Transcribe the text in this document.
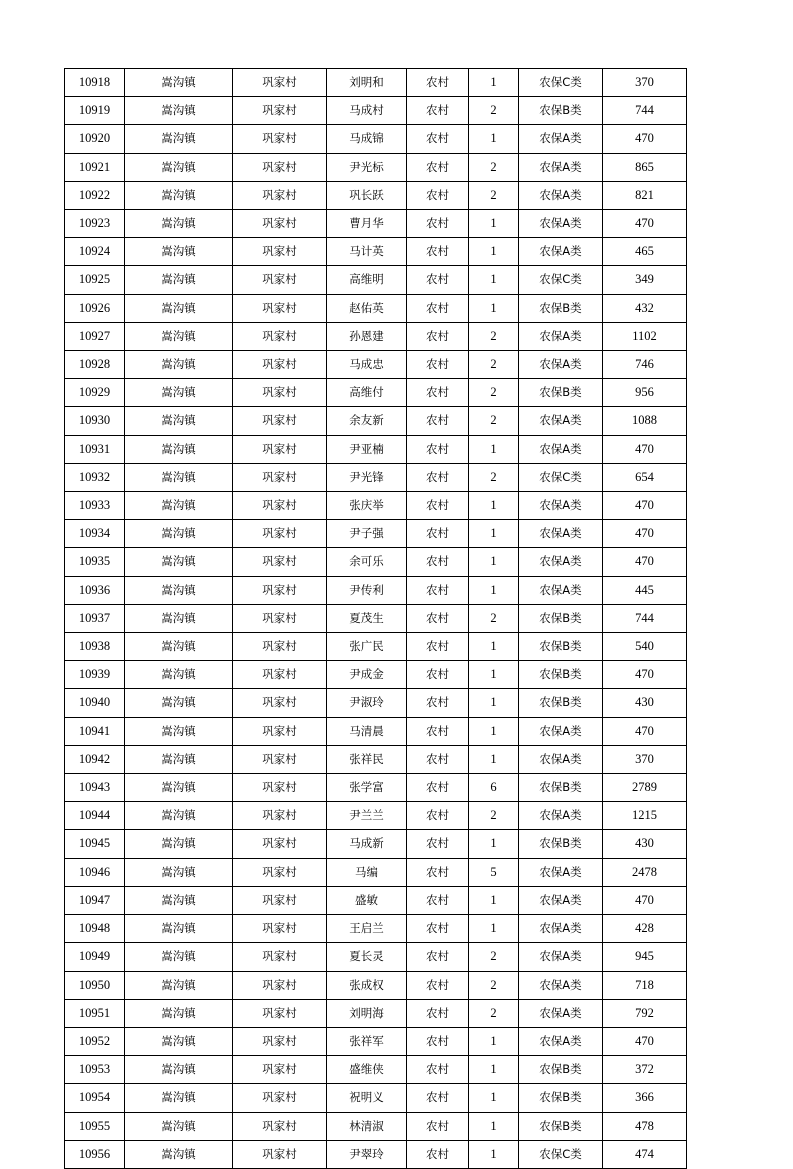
10918	嵩沟镇	巩家村	刘明和	农村	1	农保C类	370
10919	嵩沟镇	巩家村	马成村	农村	2	农保B类	744
10920	嵩沟镇	巩家村	马成锦	农村	1	农保A类	470
10921	嵩沟镇	巩家村	尹光标	农村	2	农保A类	865
10922	嵩沟镇	巩家村	巩长跃	农村	2	农保A类	821
10923	嵩沟镇	巩家村	曹月华	农村	1	农保A类	470
10924	嵩沟镇	巩家村	马计英	农村	1	农保A类	465
10925	嵩沟镇	巩家村	高维明	农村	1	农保C类	349
10926	嵩沟镇	巩家村	赵佑英	农村	1	农保B类	432
10927	嵩沟镇	巩家村	孙恩建	农村	2	农保A类	1102
10928	嵩沟镇	巩家村	马成忠	农村	2	农保A类	746
10929	嵩沟镇	巩家村	高维付	农村	2	农保B类	956
10930	嵩沟镇	巩家村	余友新	农村	2	农保A类	1088
10931	嵩沟镇	巩家村	尹亚楠	农村	1	农保A类	470
10932	嵩沟镇	巩家村	尹光锋	农村	2	农保C类	654
10933	嵩沟镇	巩家村	张庆举	农村	1	农保A类	470
10934	嵩沟镇	巩家村	尹子强	农村	1	农保A类	470
10935	嵩沟镇	巩家村	余可乐	农村	1	农保A类	470
10936	嵩沟镇	巩家村	尹传利	农村	1	农保A类	445
10937	嵩沟镇	巩家村	夏茂生	农村	2	农保B类	744
10938	嵩沟镇	巩家村	张广民	农村	1	农保B类	540
10939	嵩沟镇	巩家村	尹成金	农村	1	农保B类	470
10940	嵩沟镇	巩家村	尹淑玲	农村	1	农保B类	430
10941	嵩沟镇	巩家村	马清晨	农村	1	农保A类	470
10942	嵩沟镇	巩家村	张祥民	农村	1	农保A类	370
10943	嵩沟镇	巩家村	张学富	农村	6	农保B类	2789
10944	嵩沟镇	巩家村	尹兰兰	农村	2	农保A类	1215
10945	嵩沟镇	巩家村	马成新	农村	1	农保B类	430
10946	嵩沟镇	巩家村	马编	农村	5	农保A类	2478
10947	嵩沟镇	巩家村	盛敏	农村	1	农保A类	470
10948	嵩沟镇	巩家村	王启兰	农村	1	农保A类	428
10949	嵩沟镇	巩家村	夏长灵	农村	2	农保A类	945
10950	嵩沟镇	巩家村	张成权	农村	2	农保A类	718
10951	嵩沟镇	巩家村	刘明海	农村	2	农保A类	792
10952	嵩沟镇	巩家村	张祥军	农村	1	农保A类	470
10953	嵩沟镇	巩家村	盛维侠	农村	1	农保B类	372
10954	嵩沟镇	巩家村	祝明义	农村	1	农保B类	366
10955	嵩沟镇	巩家村	林清淑	农村	1	农保B类	478
10956	嵩沟镇	巩家村	尹翠玲	农村	1	农保C类	474
